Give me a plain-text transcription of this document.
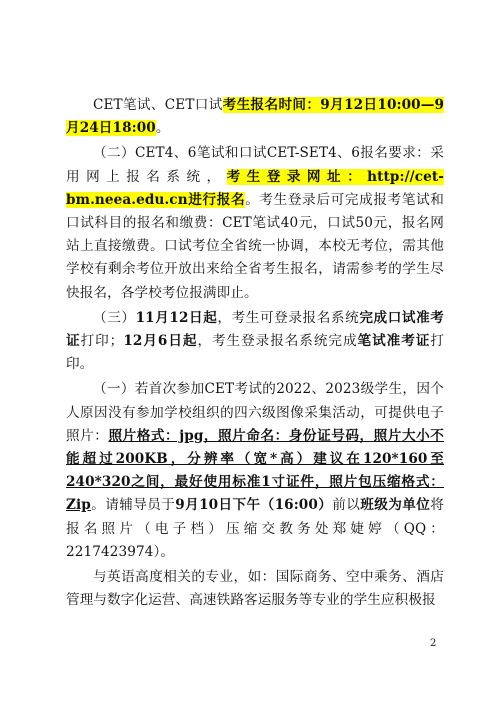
CET笔试、CET口试考生报名时间：9月12日10:00—9月24日18:00。

（二）CET4、6笔试和口试CET-SET4、6报名要求：采用网上报名系统，考生登录网址：http://cet-bm.neea.edu.cn进行报名。考生登录后可完成报考笔试和口试科目的报名和缴费：CET笔试40元，口试50元，报名网站上直接缴费。口试考位全省统一协调，本校无考位，需其他学校有剩余考位开放出来给全省考生报名，请需参考的学生尽快报名，各学校考位报满即止。

（三）11月12日起，考生可登录报名系统完成口试准考证打印；12月6日起，考生登录报名系统完成笔试准考证打印。

（一）若首次参加CET考试的2022、2023级学生，因个人原因没有参加学校组织的四六级图像采集活动，可提供电子照片：照片格式：jpg，照片命名：身份证号码，照片大小不能超过200KB，分辨率（宽*高）建议在120*160至240*320之间，最好使用标准1寸证件，照片包压缩格式：Zip。请辅导员于9月10日下午（16:00）前以班级为单位将报名照片（电子档）压缩交教务处郑婕婷（QQ：2217423974）。

与英语高度相关的专业，如：国际商务、空中乘务、酒店管理与数字化运营、高速铁路客运服务等专业的学生应积极报

2
